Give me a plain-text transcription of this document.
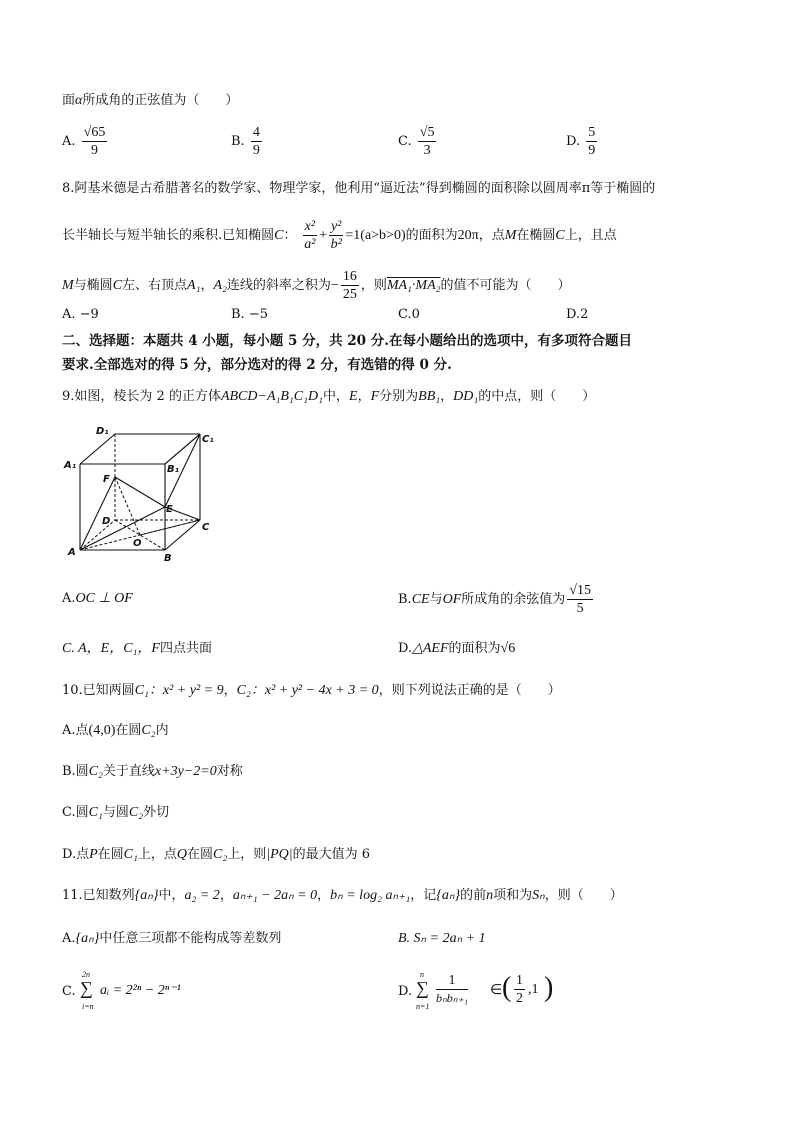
面α所成角的正弦值为（　　）
A. $\frac{√65}{9}$	B. $\frac{4}{9}$	C. $\frac{√5}{3}$	D. $\frac{5}{9}$
8.阿基米德是古希腊著名的数学家、物理学家，他利用“逼近法”得到椭圆的面积除以圆周率π等于椭圆的
长半轴长与短半轴长的乘积.已知椭圆C： $\frac{\text{x²}}{\text{a²}} + \frac{\text{y²}}{\text{b²}} =1(a>b>0)$的面积为20π，点M在椭圆C上，且点
M与椭圆C左、右顶点A₁，A₂连线的斜率之积为− $\frac{16}{25}$ ，则MA₁·MA₂的值不可能为（　　）
A. −9	B. −5	C.0	D.2
二、选择题：本题共 4 小题，每小题 5 分，共 20 分.在每小题给出的选项中，有多项符合题目
要求.全部选对的得 5 分，部分选对的得 2 分，有选错的得 0 分.
9.如图，棱长为 2 的正方体ABCD−A₁B₁C₁D₁中，E，F分别为BB₁，DD₁的中点，则（　　）
D₁
C₁
A₁	B₁
F
E
D
C
O
A
B
A.OC ⊥ OF	B.CE与OF所成角的余弦值为 $\frac{√15}{5}$
C. A，E，C₁，F四点共面	D.△AEF的面积为√6
10.已知两圆C₁：x² + y² = 9，C₂：x² + y² − 4x + 3 = 0，则下列说法正确的是（　　）
A.点(4,0)在圆C₂内
B.圆C₂关于直线x+3y−2=0对称
C.圆C₁与圆C₂外切
D.点P在圆C₁上，点Q在圆C₂上，则|PQ|的最大值为 6
11.已知数列{aₙ}中，a₂ = 2，aₙ₊₁ − 2aₙ = 0，bₙ = log₂ aₙ₊₁，记{aₙ}的前n项和为Sₙ，则（　　）
A.{aₙ}中任意三项都不能构成等差数列	B. Sₙ = 2aₙ + 1
C.
2n
∑
i=n
aᵢ = 2²ⁿ − 2ⁿ⁻¹	D.
n
∑
n=1
1
bₙbₙ₊₁ ∈ ( $\frac{1}{2} ,1$ )
